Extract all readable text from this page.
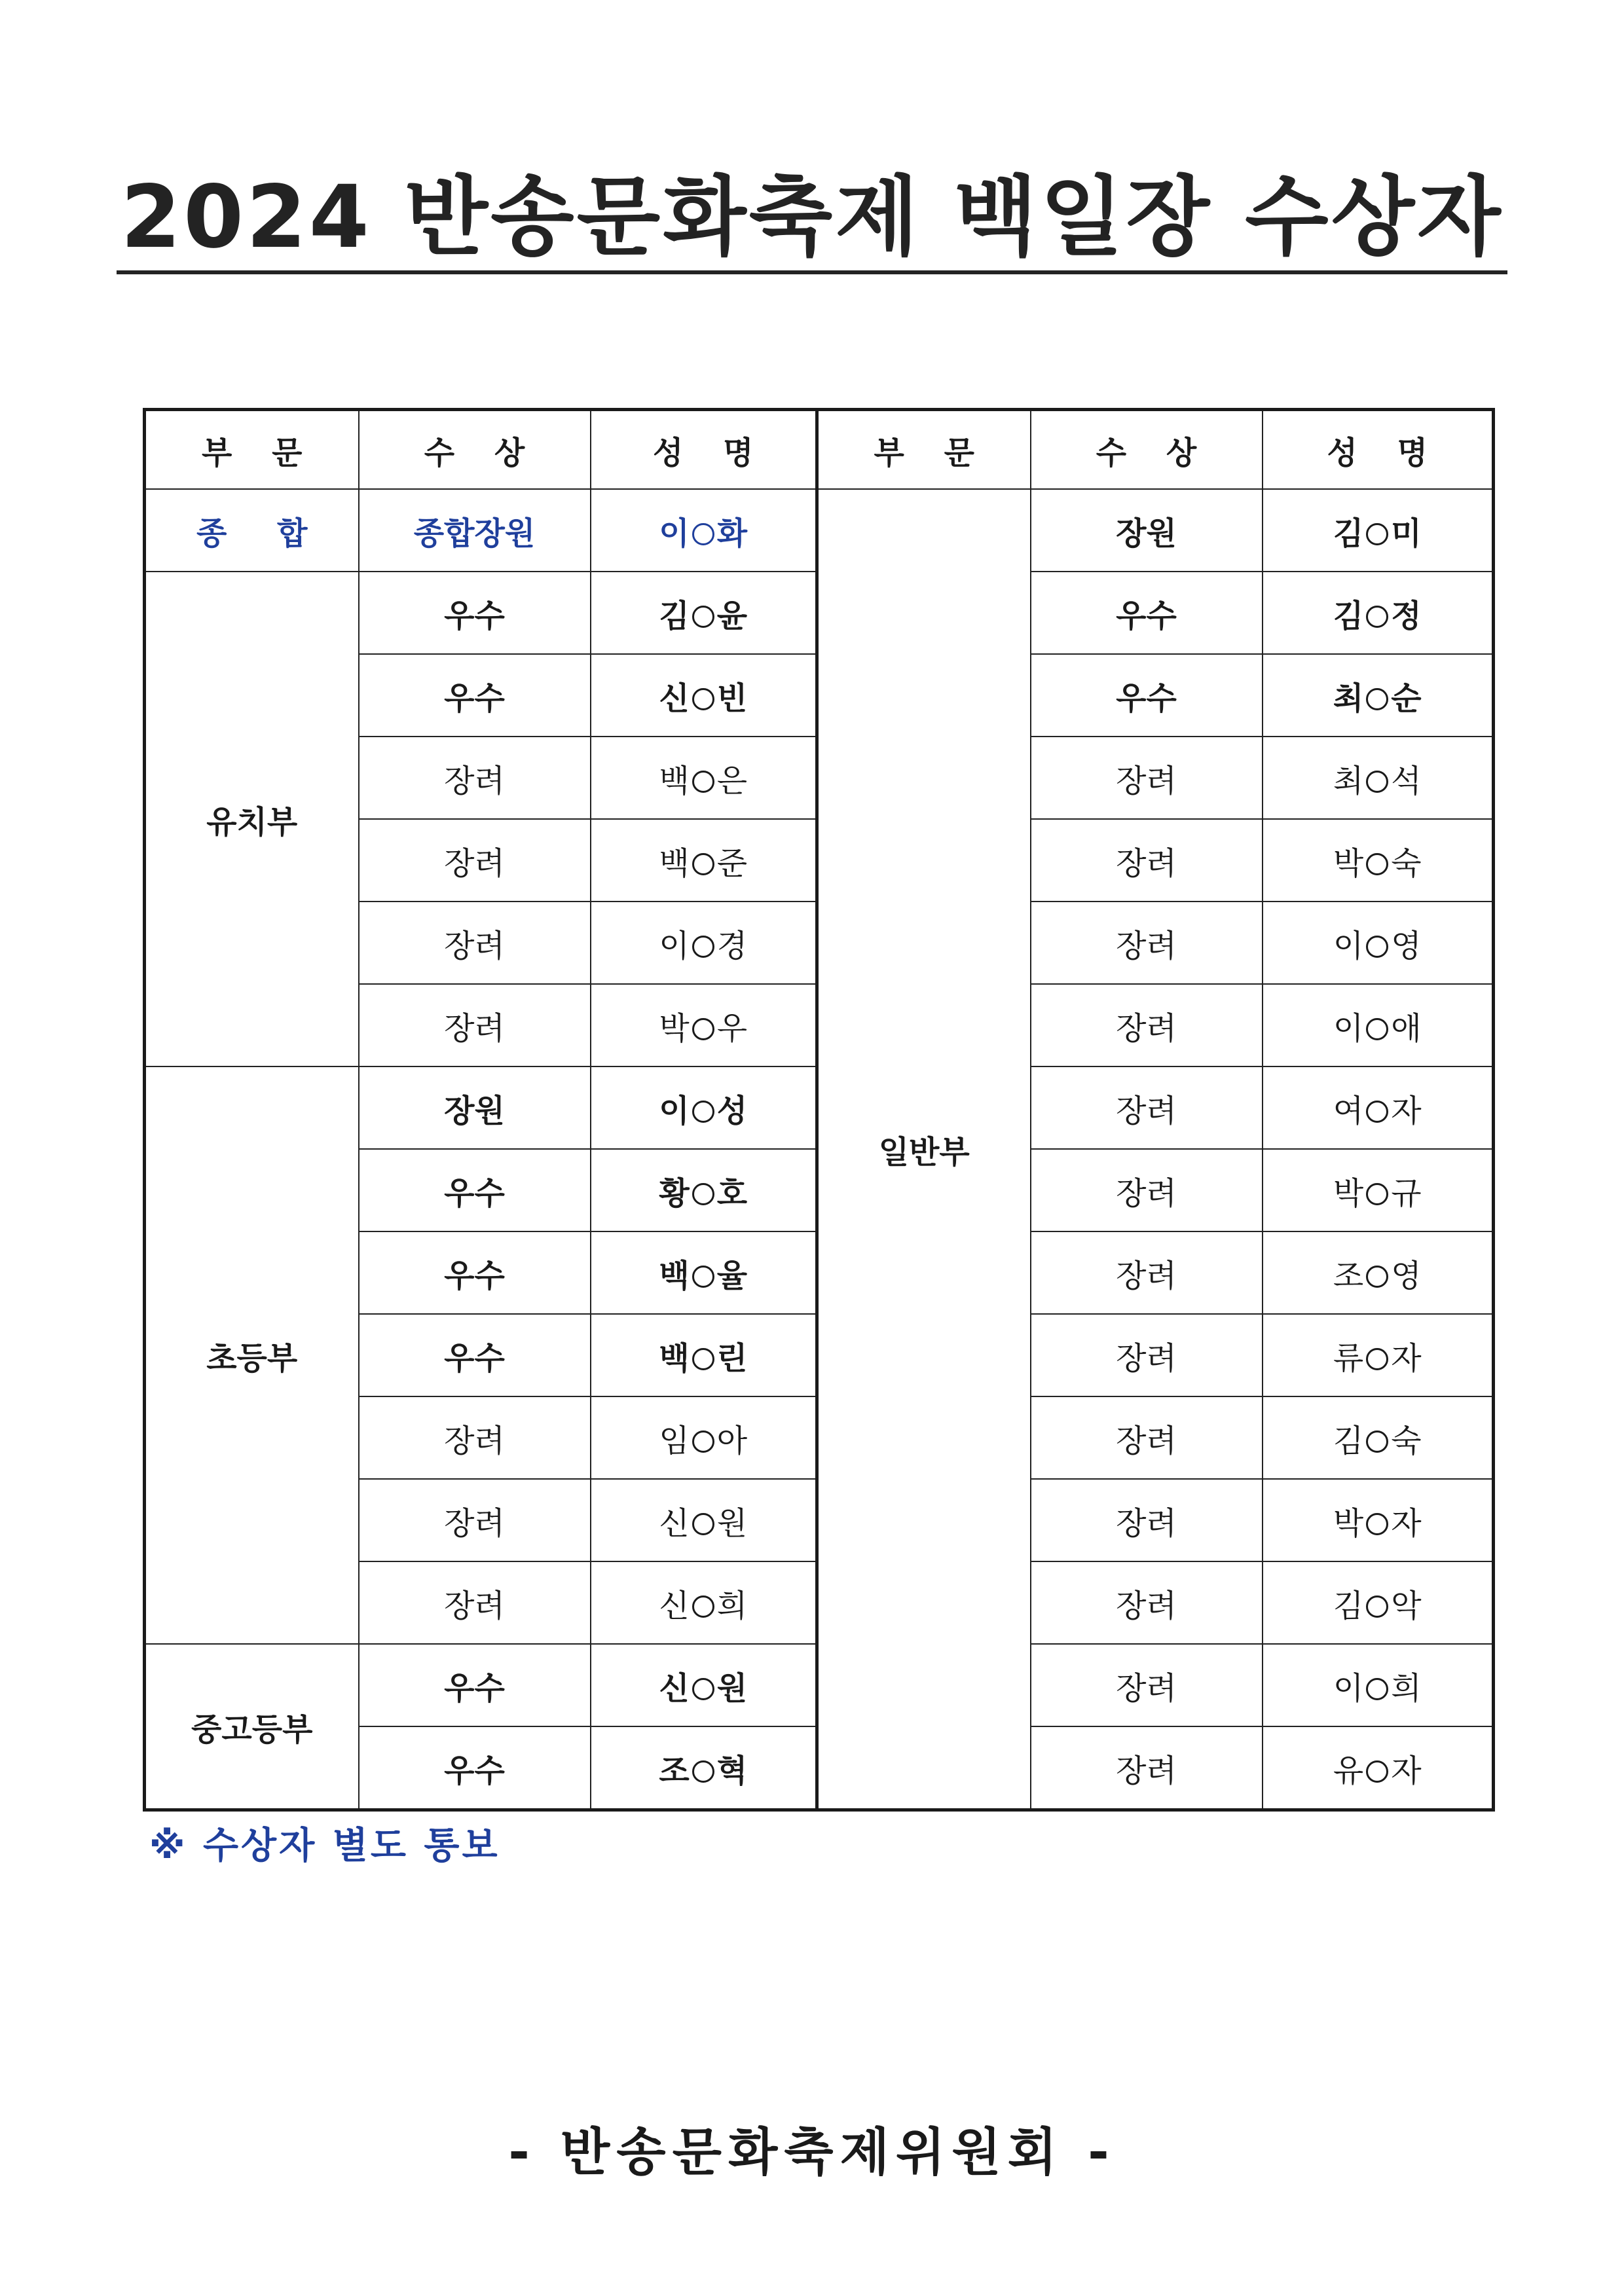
2024 반송문화축제 백일장 수상자
부 문	수 상	성 명	부 문	수 상	성 명
종 합	종합장원	이 화	일반부	장원	김 미
유치부	우수	김 윤		우수	김 정
	우수	신 빈		우수	최 순
	장려	백 은		장려	최 석
	장려	백 준		장려	박 숙
	장려	이 경		장려	이 영
	장려	박 우		장려	이 애
초등부	장원	이 성		장려	여 자
	우수	황 호		장려	박 규
	우수	백 율		장려	조 영
	우수	백 린		장려	류 자
	장려	임 아		장려	김 숙
	장려	신 원		장려	박 자
	장려	신 희		장려	김 악
중고등부	우수	신 원		장려	이 희
	우수	조 혁		장려	유 자
※ 수상자 별도 통보
- 반송문화축제위원회 -
